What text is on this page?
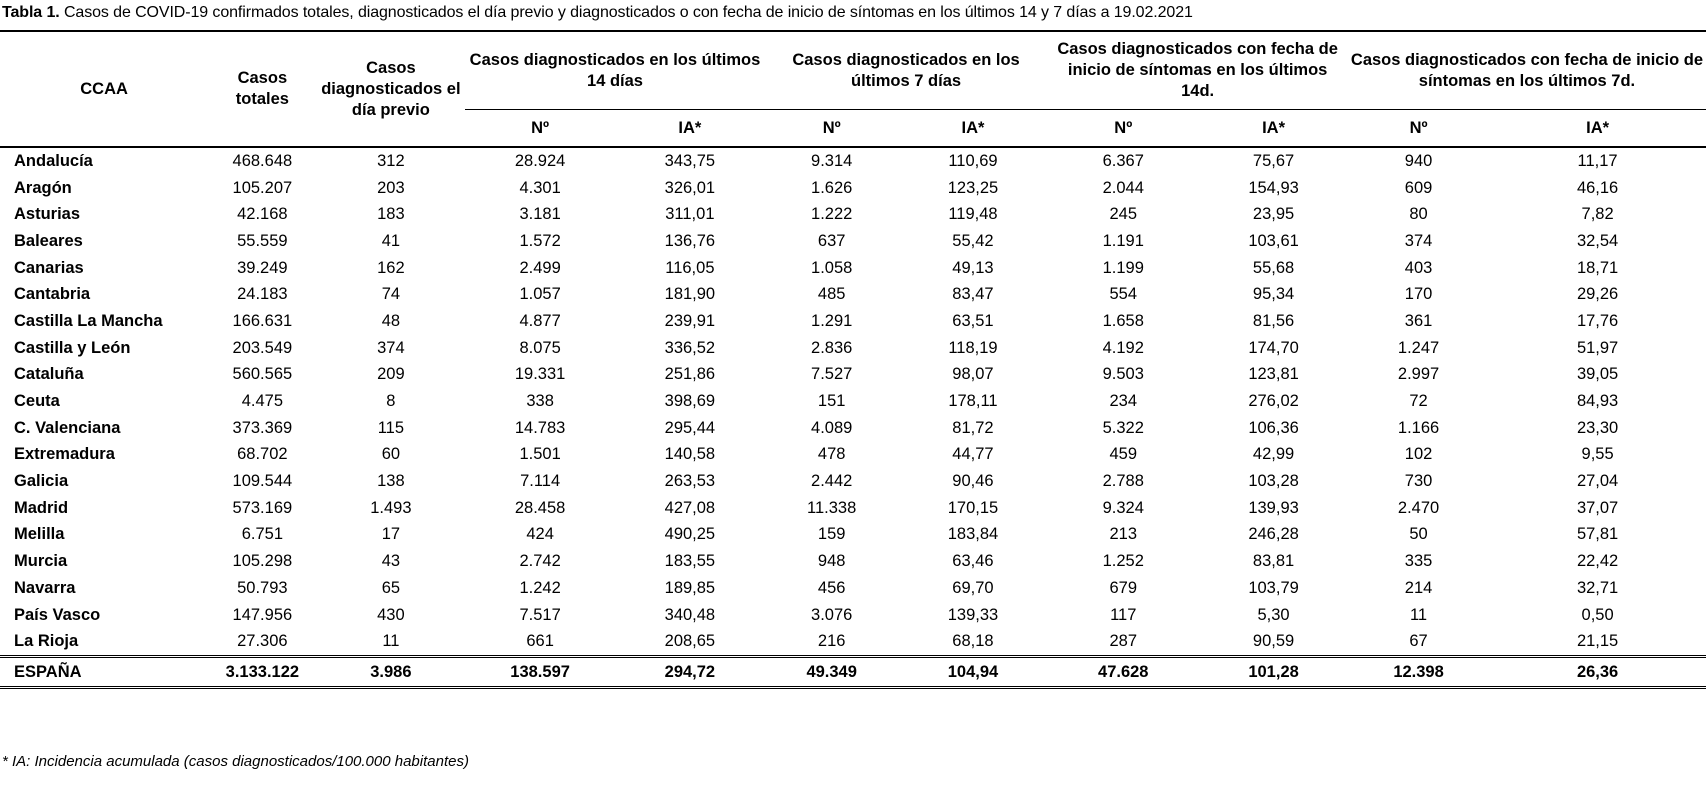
Tabla 1. Casos de COVID-19 confirmados totales, diagnosticados el día previo y diagnosticados o con fecha de inicio de síntomas en los últimos 14 y 7 días a 19.02.2021
CCAA	Casos totales	Casos diagnosticados el día previo	Casos diagnosticados en los últimos 14 días		Casos diagnosticados en los últimos 7 días		Casos diagnosticados con fecha de inicio de síntomas en los últimos 14d.		Casos diagnosticados con fecha de inicio de síntomas en los últimos 7d.	
			Nº	IA*	Nº	IA*	Nº	IA*	Nº	IA*
Andalucía	468.648	312	28.924	343,75	9.314	110,69	6.367	75,67	940	11,17
Aragón	105.207	203	4.301	326,01	1.626	123,25	2.044	154,93	609	46,16
Asturias	42.168	183	3.181	311,01	1.222	119,48	245	23,95	80	7,82
Baleares	55.559	41	1.572	136,76	637	55,42	1.191	103,61	374	32,54
Canarias	39.249	162	2.499	116,05	1.058	49,13	1.199	55,68	403	18,71
Cantabria	24.183	74	1.057	181,90	485	83,47	554	95,34	170	29,26
Castilla La Mancha	166.631	48	4.877	239,91	1.291	63,51	1.658	81,56	361	17,76
Castilla y León	203.549	374	8.075	336,52	2.836	118,19	4.192	174,70	1.247	51,97
Cataluña	560.565	209	19.331	251,86	7.527	98,07	9.503	123,81	2.997	39,05
Ceuta	4.475	8	338	398,69	151	178,11	234	276,02	72	84,93
C. Valenciana	373.369	115	14.783	295,44	4.089	81,72	5.322	106,36	1.166	23,30
Extremadura	68.702	60	1.501	140,58	478	44,77	459	42,99	102	9,55
Galicia	109.544	138	7.114	263,53	2.442	90,46	2.788	103,28	730	27,04
Madrid	573.169	1.493	28.458	427,08	11.338	170,15	9.324	139,93	2.470	37,07
Melilla	6.751	17	424	490,25	159	183,84	213	246,28	50	57,81
Murcia	105.298	43	2.742	183,55	948	63,46	1.252	83,81	335	22,42
Navarra	50.793	65	1.242	189,85	456	69,70	679	103,79	214	32,71
País Vasco	147.956	430	7.517	340,48	3.076	139,33	117	5,30	11	0,50
La Rioja	27.306	11	661	208,65	216	68,18	287	90,59	67	21,15
ESPAÑA	3.133.122	3.986	138.597	294,72	49.349	104,94	47.628	101,28	12.398	26,36
* IA: Incidencia acumulada (casos diagnosticados/100.000 habitantes)
